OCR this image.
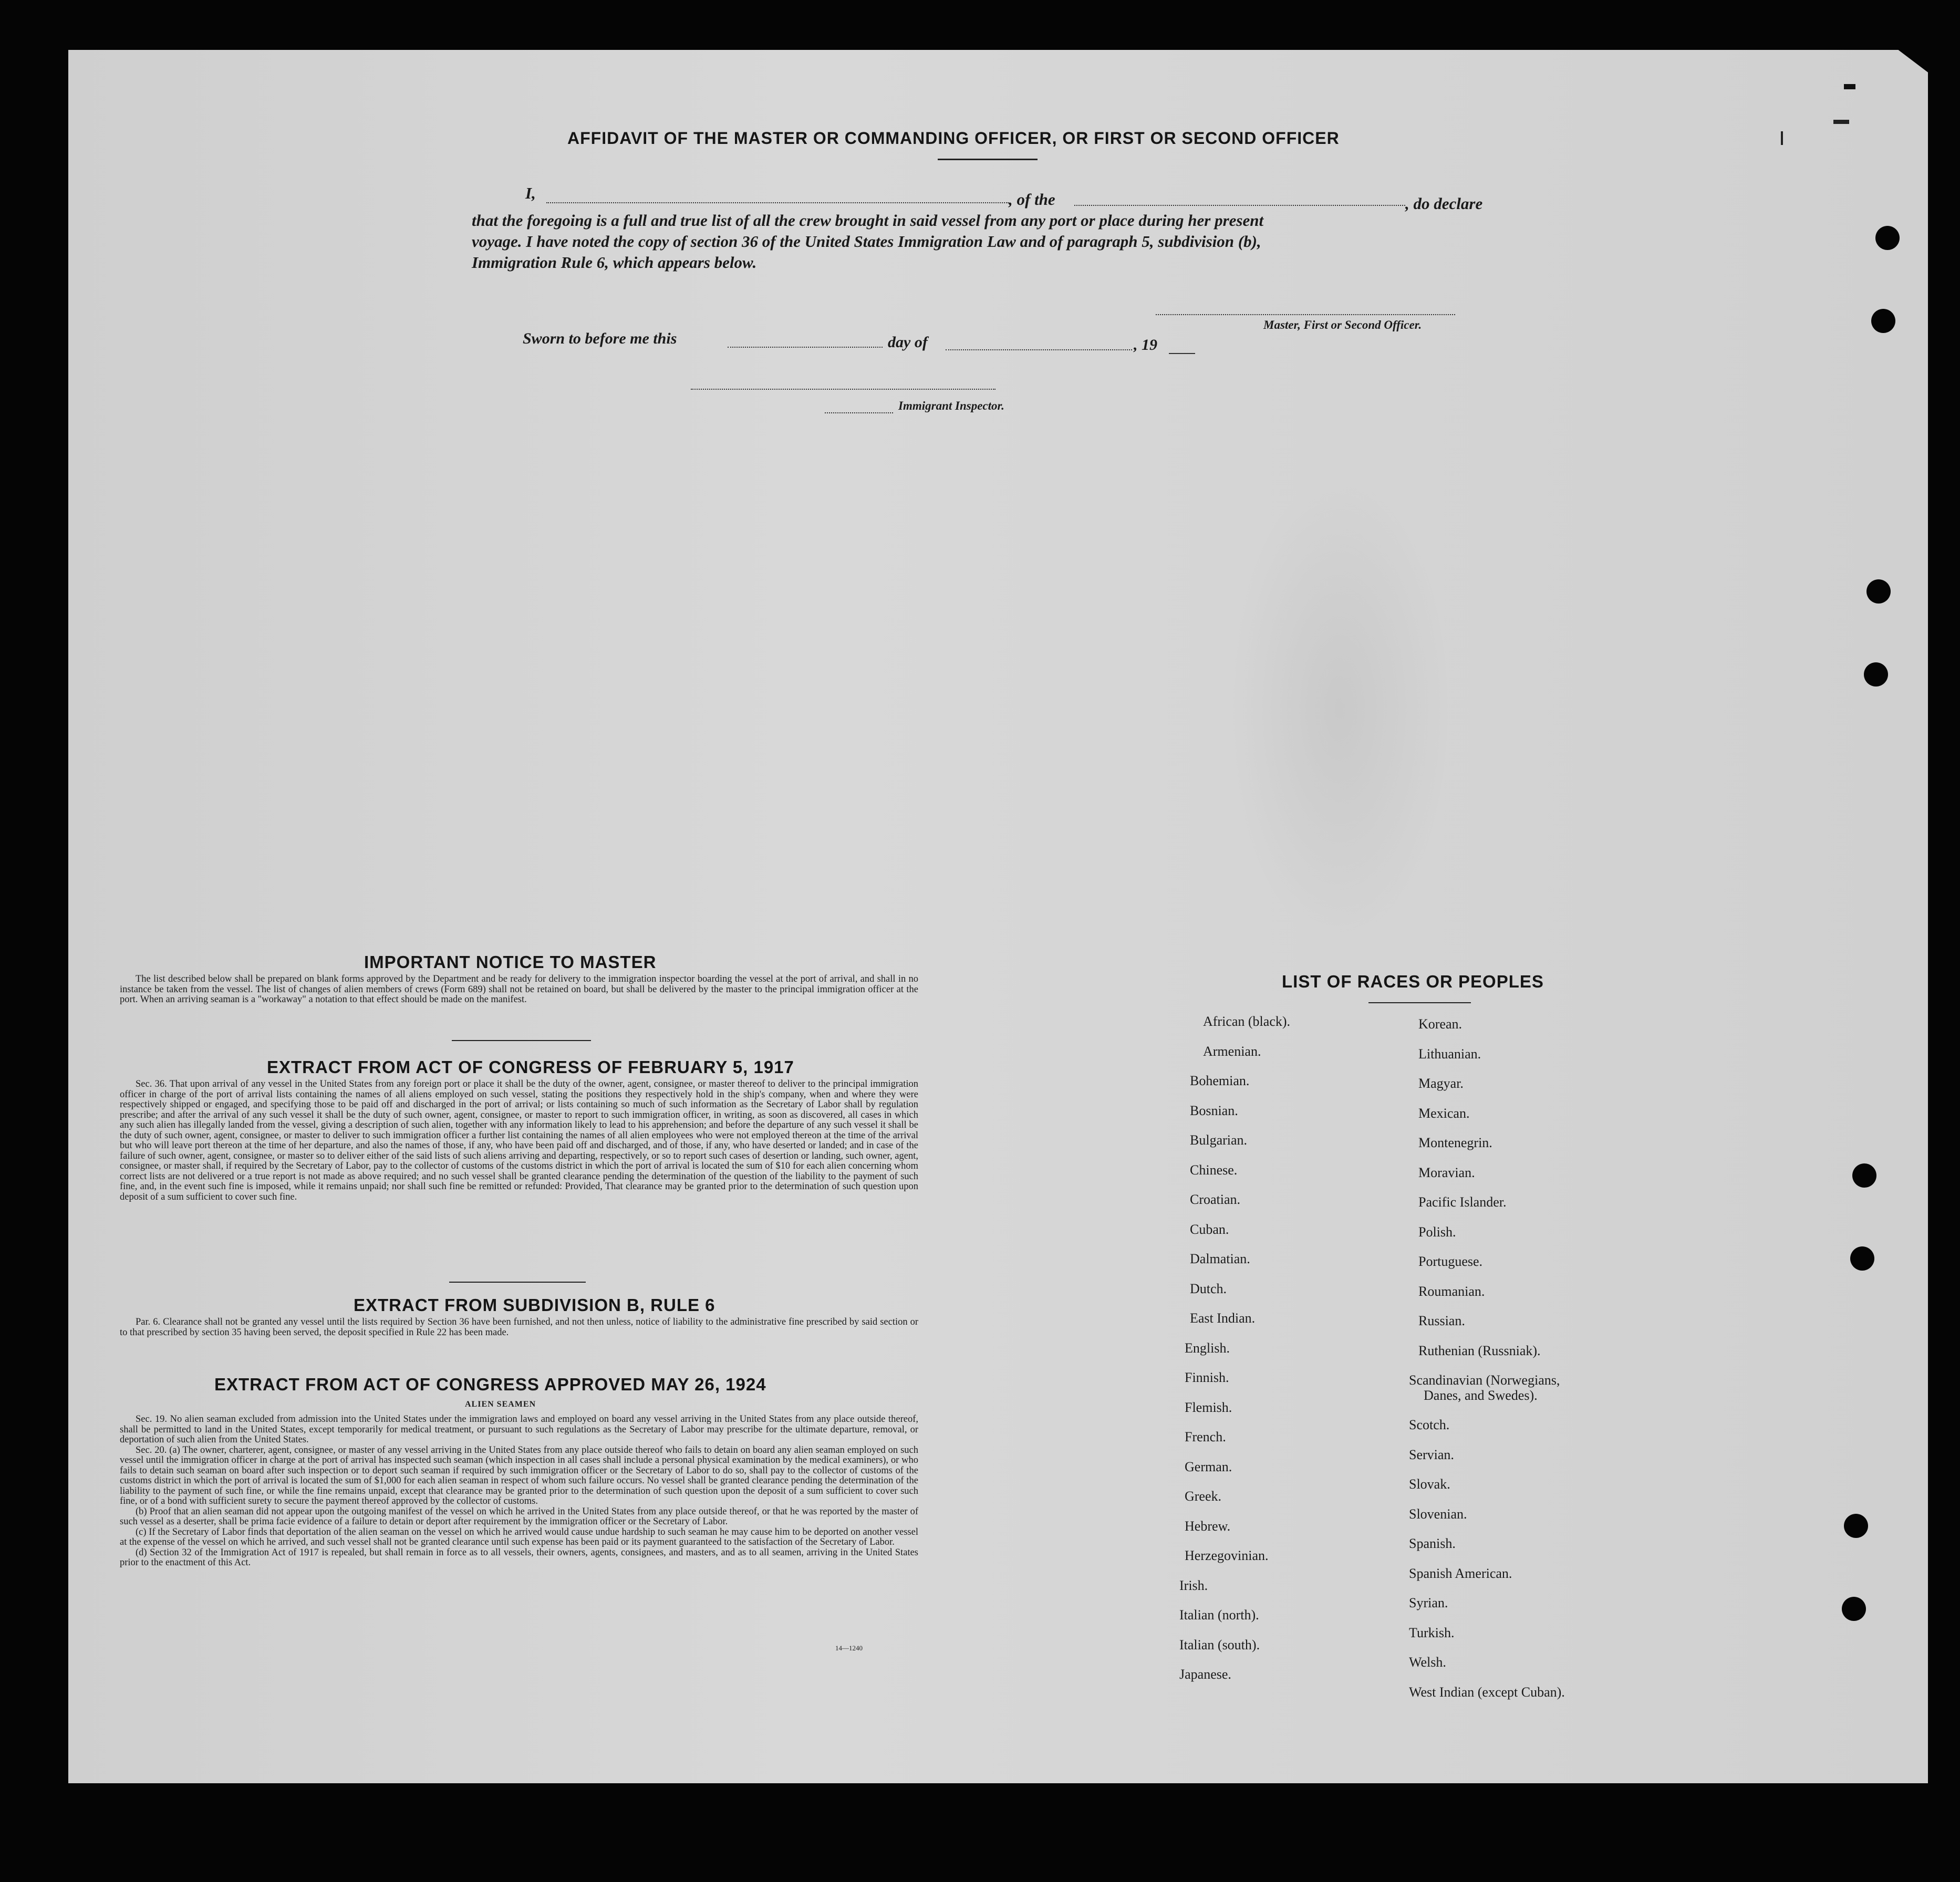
AFFIDAVIT OF THE MASTER OR COMMANDING OFFICER, OR FIRST OR SECOND OFFICER
I,	, of the	, do declare
that the foregoing is a full and true list of all the crew brought in said vessel from any port or place during her present
voyage. I have noted the copy of section 36 of the United States Immigration Law and of paragraph 5, subdivision (b),
Immigration Rule 6, which appears below.
Master, First or Second Officer.
Sworn to before me this	day of	, 19
Immigrant Inspector.
IMPORTANT NOTICE TO MASTER

The list described below shall be prepared on blank forms approved by the Department and be ready for delivery to the immigration inspector boarding the vessel at the port of arrival, and shall in no instance be taken from the vessel. The list of changes of alien members of crews (Form 689) shall not be retained on board, but shall be delivered by the master to the principal immigration officer at the port. When an arriving seaman is a "workaway" a notation to that effect should be made on the manifest.

EXTRACT FROM ACT OF CONGRESS OF FEBRUARY 5, 1917

Sec. 36. That upon arrival of any vessel in the United States from any foreign port or place it shall be the duty of the owner, agent, consignee, or master thereof to deliver to the principal immigration officer in charge of the port of arrival lists containing the names of all aliens employed on such vessel, stating the positions they respectively hold in the ship's company, when and where they were respectively shipped or engaged, and specifying those to be paid off and discharged in the port of arrival; or lists containing so much of such information as the Secretary of Labor shall by regulation prescribe; and after the arrival of any such vessel it shall be the duty of such owner, agent, consignee, or master to report to such immigration officer, in writing, as soon as discovered, all cases in which any such alien has illegally landed from the vessel, giving a description of such alien, together with any information likely to lead to his apprehension; and before the departure of any such vessel it shall be the duty of such owner, agent, consignee, or master to deliver to such immigration officer a further list containing the names of all alien employees who were not employed thereon at the time of the arrival but who will leave port thereon at the time of her departure, and also the names of those, if any, who have been paid off and discharged, and of those, if any, who have deserted or landed; and in case of the failure of such owner, agent, consignee, or master so to deliver either of the said lists of such aliens arriving and departing, respectively, or so to report such cases of desertion or landing, such owner, agent, consignee, or master shall, if required by the Secretary of Labor, pay to the collector of customs of the customs district in which the port of arrival is located the sum of $10 for each alien concerning whom correct lists are not delivered or a true report is not made as above required; and no such vessel shall be granted clearance pending the determination of the question of the liability to the payment of such fine, and, in the event such fine is imposed, while it remains unpaid; nor shall such fine be remitted or refunded: Provided, That clearance may be granted prior to the determination of such question upon deposit of a sum sufficient to cover such fine.

EXTRACT FROM SUBDIVISION B, RULE 6

Par. 6. Clearance shall not be granted any vessel until the lists required by Section 36 have been furnished, and not then unless, notice of liability to the administrative fine prescribed by said section or to that prescribed by section 35 having been served, the deposit specified in Rule 22 has been made.

EXTRACT FROM ACT OF CONGRESS APPROVED MAY 26, 1924
ALIEN SEAMEN

Sec. 19. No alien seaman excluded from admission into the United States under the immigration laws and employed on board any vessel arriving in the United States from any place outside thereof, shall be permitted to land in the United States, except temporarily for medical treatment, or pursuant to such regulations as the Secretary of Labor may prescribe for the ultimate departure, removal, or deportation of such alien from the United States.

Sec. 20. (a) The owner, charterer, agent, consignee, or master of any vessel arriving in the United States from any place outside thereof who fails to detain on board any alien seaman employed on such vessel until the immigration officer in charge at the port of arrival has inspected such seaman (which inspection in all cases shall include a personal physical examination by the medical examiners), or who fails to detain such seaman on board after such inspection or to deport such seaman if required by such immigration officer or the Secretary of Labor to do so, shall pay to the collector of customs of the customs district in which the port of arrival is located the sum of $1,000 for each alien seaman in respect of whom such failure occurs. No vessel shall be granted clearance pending the determination of the liability to the payment of such fine, or while the fine remains unpaid, except that clearance may be granted prior to the determination of such question upon the deposit of a sum sufficient to cover such fine, or of a bond with sufficient surety to secure the payment thereof approved by the collector of customs.

(b) Proof that an alien seaman did not appear upon the outgoing manifest of the vessel on which he arrived in the United States from any place outside thereof, or that he was reported by the master of such vessel as a deserter, shall be prima facie evidence of a failure to detain or deport after requirement by the immigration officer or the Secretary of Labor.

(c) If the Secretary of Labor finds that deportation of the alien seaman on the vessel on which he arrived would cause undue hardship to such seaman he may cause him to be deported on another vessel at the expense of the vessel on which he arrived, and such vessel shall not be granted clearance until such expense has been paid or its payment guaranteed to the satisfaction of the Secretary of Labor.

(d) Section 32 of the Immigration Act of 1917 is repealed, but shall remain in force as to all vessels, their owners, agents, consignees, and masters, and as to all seamen, arriving in the United States prior to the enactment of this Act.

14—1240
LIST OF RACES OR PEOPLES
African (black).
Armenian.
Bohemian.
Bosnian.
Bulgarian.
Chinese.
Croatian.
Cuban.
Dalmatian.
Dutch.
East Indian.
English.
Finnish.
Flemish.
French.
German.
Greek.
Hebrew.
Herzegovinian.
Irish.
Italian (north).
Italian (south).
Japanese.
Korean.
Lithuanian.
Magyar.
Mexican.
Montenegrin.
Moravian.
Pacific Islander.
Polish.
Portuguese.
Roumanian.
Russian.
Ruthenian (Russniak).
Scandinavian (Norwegians,
Danes, and Swedes).
Scotch.
Servian.
Slovak.
Slovenian.
Spanish.
Spanish American.
Syrian.
Turkish.
Welsh.
West Indian (except Cuban).
